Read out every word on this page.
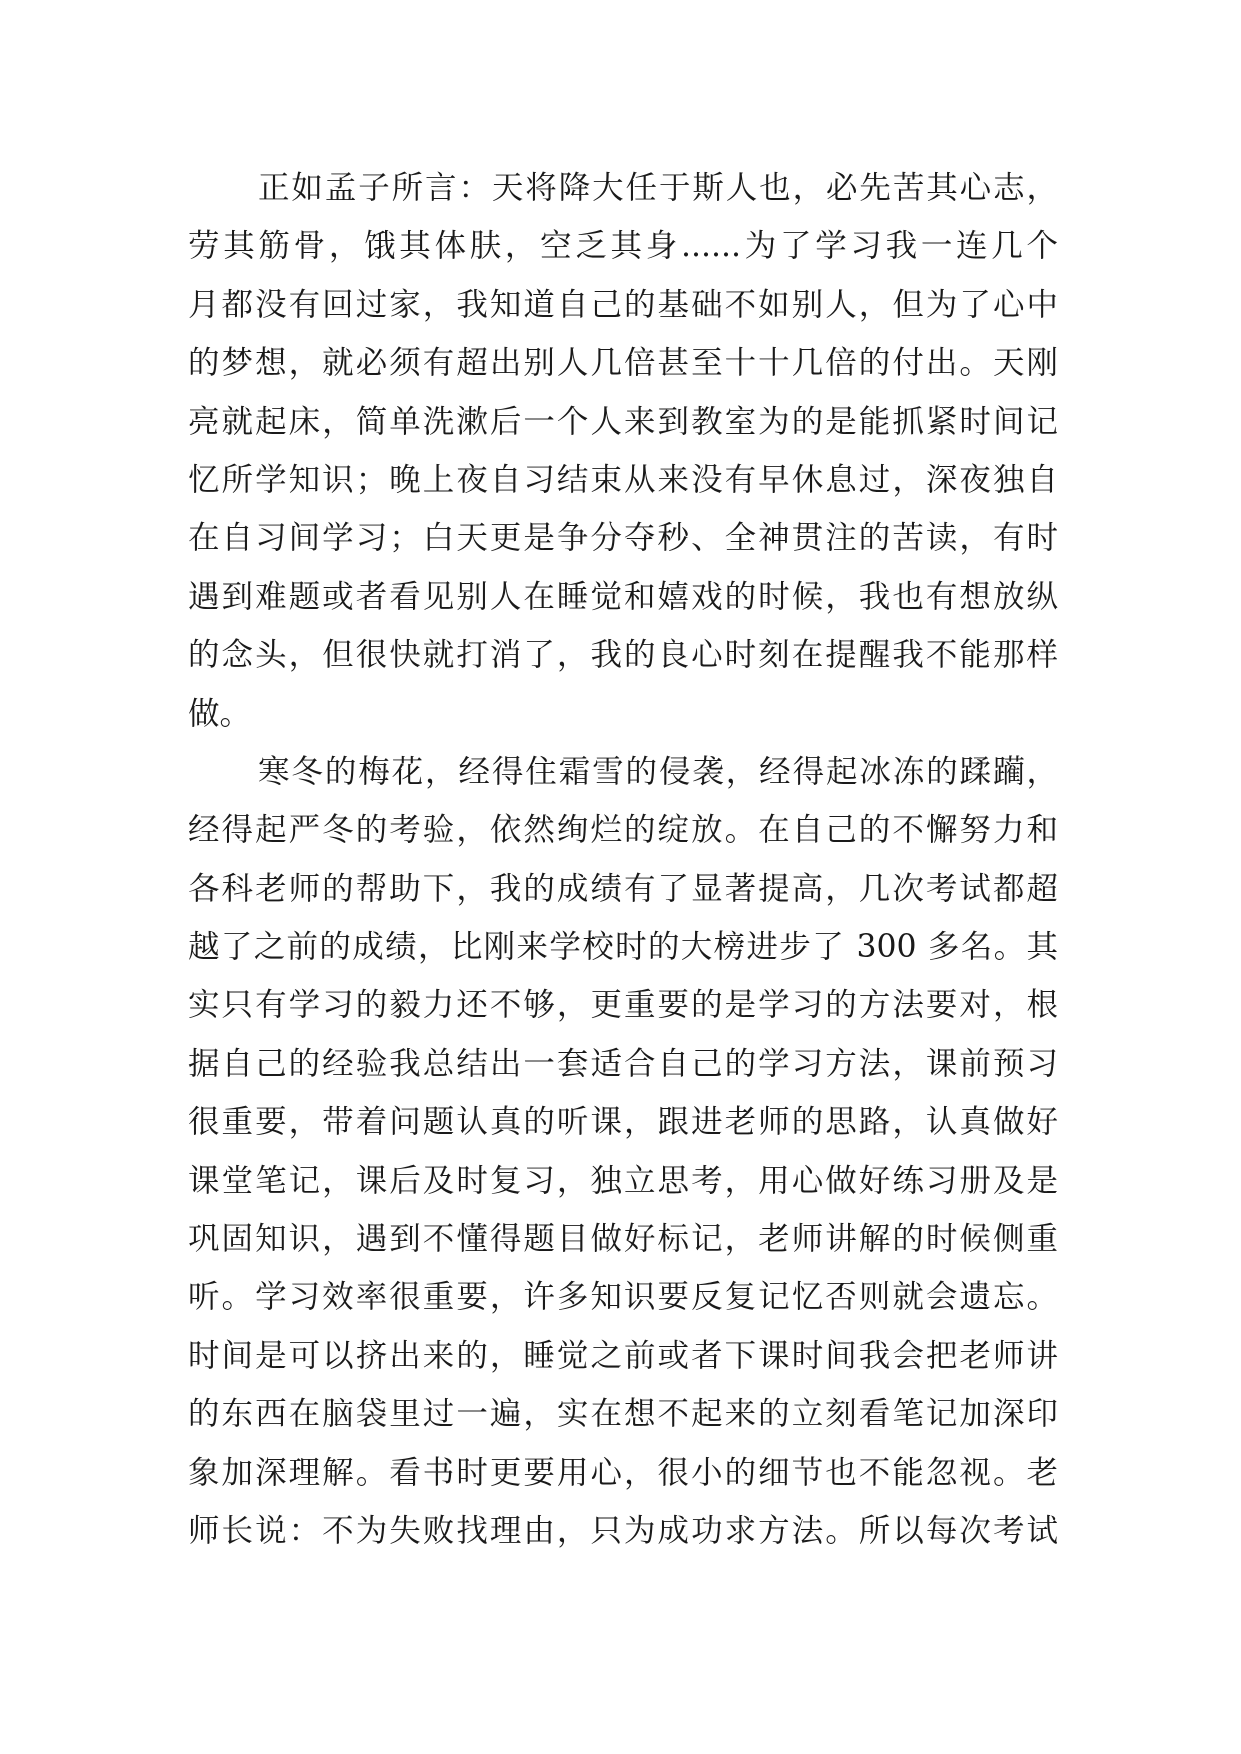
正如孟子所言：天将降大任于斯人也，必先苦其心志，
劳其筋骨，饿其体肤，空乏其身......为了学习我一连几个
月都没有回过家，我知道自己的基础不如别人，但为了心中
的梦想，就必须有超出别人几倍甚至十十几倍的付出。天刚
亮就起床，简单洗漱后一个人来到教室为的是能抓紧时间记
忆所学知识；晚上夜自习结束从来没有早休息过，深夜独自
在自习间学习；白天更是争分夺秒、全神贯注的苦读，有时
遇到难题或者看见别人在睡觉和嬉戏的时候，我也有想放纵
的念头，但很快就打消了，我的良心时刻在提醒我不能那样
做。
寒冬的梅花，经得住霜雪的侵袭，经得起冰冻的蹂躏，
经得起严冬的考验，依然绚烂的绽放。在自己的不懈努力和
各科老师的帮助下，我的成绩有了显著提高，几次考试都超
越了之前的成绩，比刚来学校时的大榜进步了 300 多名。其
实只有学习的毅力还不够，更重要的是学习的方法要对，根
据自己的经验我总结出一套适合自己的学习方法，课前预习
很重要，带着问题认真的听课，跟进老师的思路，认真做好
课堂笔记，课后及时复习，独立思考，用心做好练习册及是
巩固知识，遇到不懂得题目做好标记，老师讲解的时候侧重
听。学习效率很重要，许多知识要反复记忆否则就会遗忘。
时间是可以挤出来的，睡觉之前或者下课时间我会把老师讲
的东西在脑袋里过一遍，实在想不起来的立刻看笔记加深印
象加深理解。看书时更要用心，很小的细节也不能忽视。老
师长说：不为失败找理由，只为成功求方法。所以每次考试
